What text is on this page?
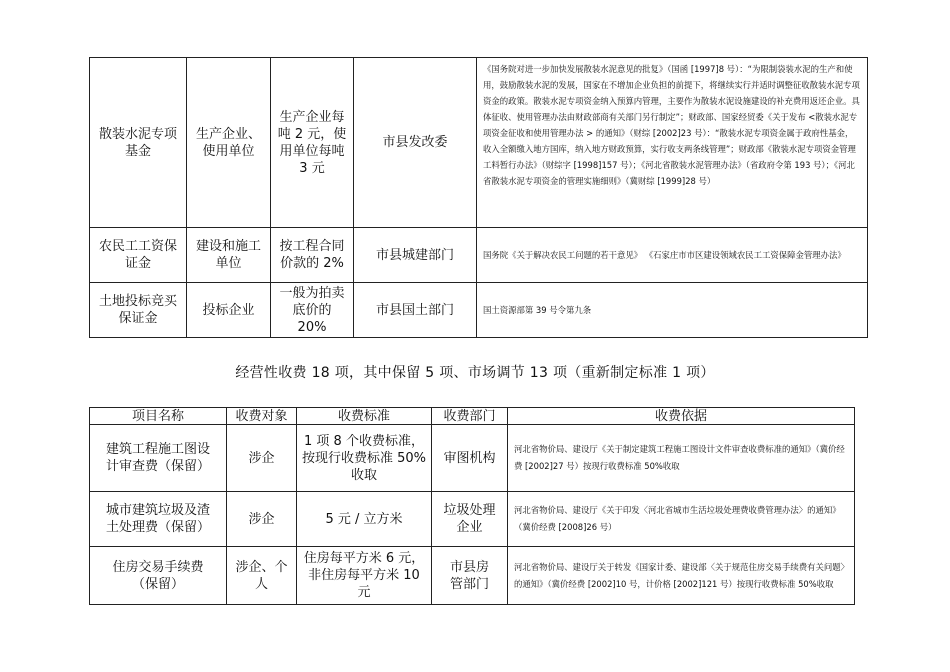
散装水泥专项基金	生产企业、使用单位	生产企业每吨 2 元，使用单位每吨 3 元	市县发改委	《国务院对进一步加快发展散装水泥意见的批复》（国函 [1997]8 号）：“为限制袋装水泥的生产和使用，鼓励散装水泥的发展，国家在不增加企业负担的前提下，将继续实行并适时调整征收散装水泥专项资金的政策。散装水泥专项资金纳入预算内管理，主要作为散装水泥设施建设的补充费用返还企业。具体征收、使用管理办法由财政部商有关部门另行制定”；财政部、国家经贸委《关于发布 <散装水泥专项资金征收和使用管理办法 > 的通知》（财综 [2002]23 号）：“散装水泥专项资金属于政府性基金，收入全额缴入地方国库，纳入地方财政预算，实行收支两条线管理”；财政部《散装水泥专项资金管理工料暂行办法》（财综字 [1998]157 号）；《河北省散装水泥管理办法》（省政府令第 193 号）；《河北省散装水泥专项资金的管理实施细则》（冀财综 [1999]28 号）
农民工工资保证金	建设和施工单位	按工程合同价款的 2%	市县城建部门	国务院《关于解决农民工问题的若干意见》 《石家庄市市区建设领域农民工工资保障金管理办法》
土地投标竞买保证金	投标企业	一般为拍卖底价的 20%	市县国土部门	国土资源部第 39 号令第九条
经营性收费 18 项，其中保留 5 项、市场调节 13 项（重新制定标准 1 项）
项目名称	收费对象	收费标准	收费部门	收费依据
建筑工程施工图设计审查费（保留）	涉企	1 项 8 个收费标准，按现行收费标准 50%收取	审图机构	河北省物价局、建设厅《关于制定建筑工程施工图设计文件审查收费标准的通知》（冀价经费 [2002]27 号）按现行收费标准 50%收取
城市建筑垃圾及渣土处理费（保留）	涉企	5 元 / 立方米	垃圾处理企业	河北省物价局、建设厅《关于印发〈河北省城市生活垃圾处理费收费管理办法〉的通知》（冀价经费 [2008]26 号）
住房交易手续费 （保留）	涉企、个人	住房每平方米 6 元，非住房每平方米 10 元	市县房管部门	河北省物价局、建设厅关于转发《国家计委、建设部〈关于规范住房交易手续费有关问题〉的通知》（冀价经费 [2002]10 号，计价格 [2002]121 号）按现行收费标准 50%收取
